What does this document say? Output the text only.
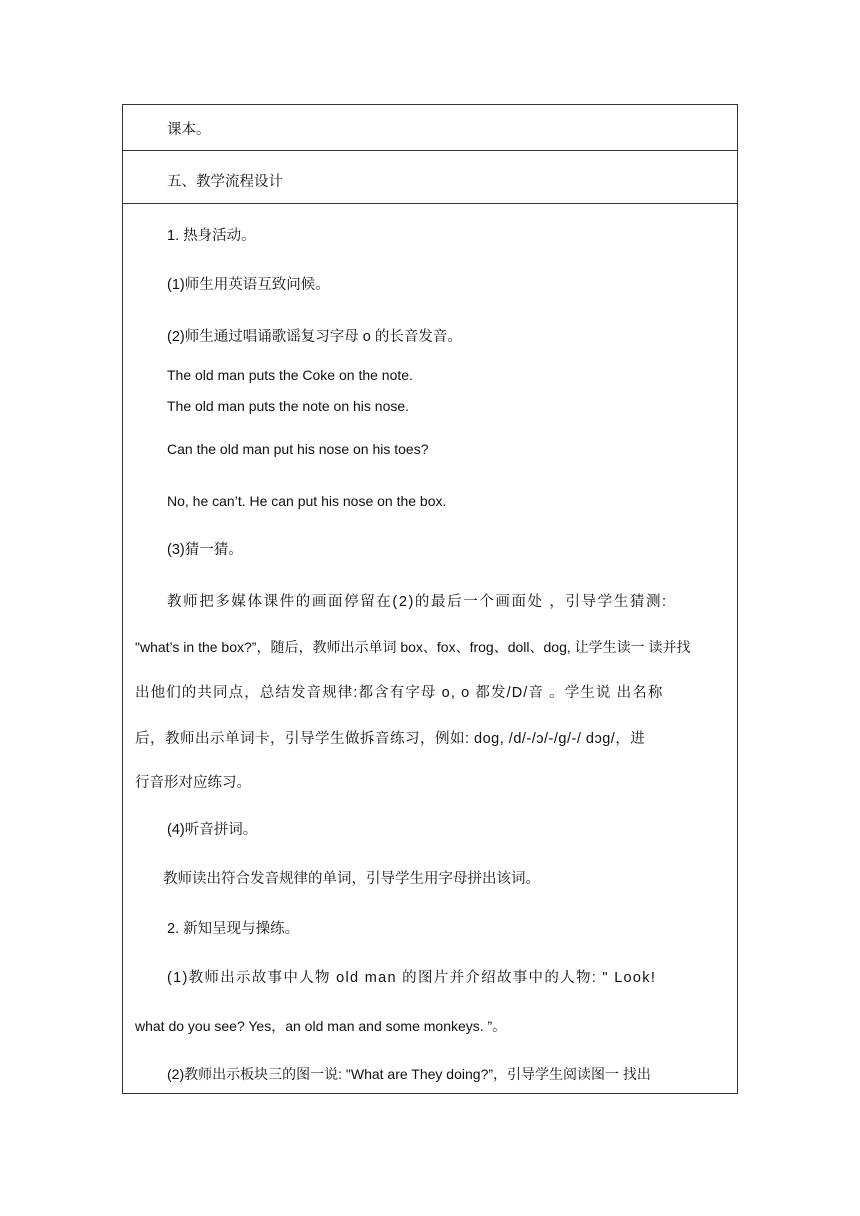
课本。
五、教学流程设计
1. 热身活动。
(1)师生用英语互致问候。
(2)师生通过唱诵歌谣复习字母 o 的长音发音。
The old man puts the Coke on the note.
The old man puts the note on his nose.
Can the old man put his nose on his toes?
No, he can’t. He can put his nose on the box.
(3)猜一猜。
教师把多媒体课件的画面停留在(2)的最后一个画面处 ，引导学生猜测:
"what’s in the box?”，随后，教师出示单词 box、fox、frog、doll、dog, 让学生读一 读并找
出他们的共同点，总结发音规律:都含有字母 o, o 都发/D/音 。学生说 出名称
后，教师出示单词卡，引导学生做拆音练习，例如: dog, /d/-/ɔ/-/g/-/ dɔg/，进
行音形对应练习。
(4)听音拼词。
教师读出符合发音规律的单词，引导学生用字母拼出该词。
2. 新知呈现与操练。
(1)教师出示故事中人物 old man 的图片并介绍故事中的人物: " Look!
what do you see? Yes，an old man and some monkeys. ”。
(2)教师出示板块三的图一说: "What are They doing?”，引导学生阅读图一 找出
